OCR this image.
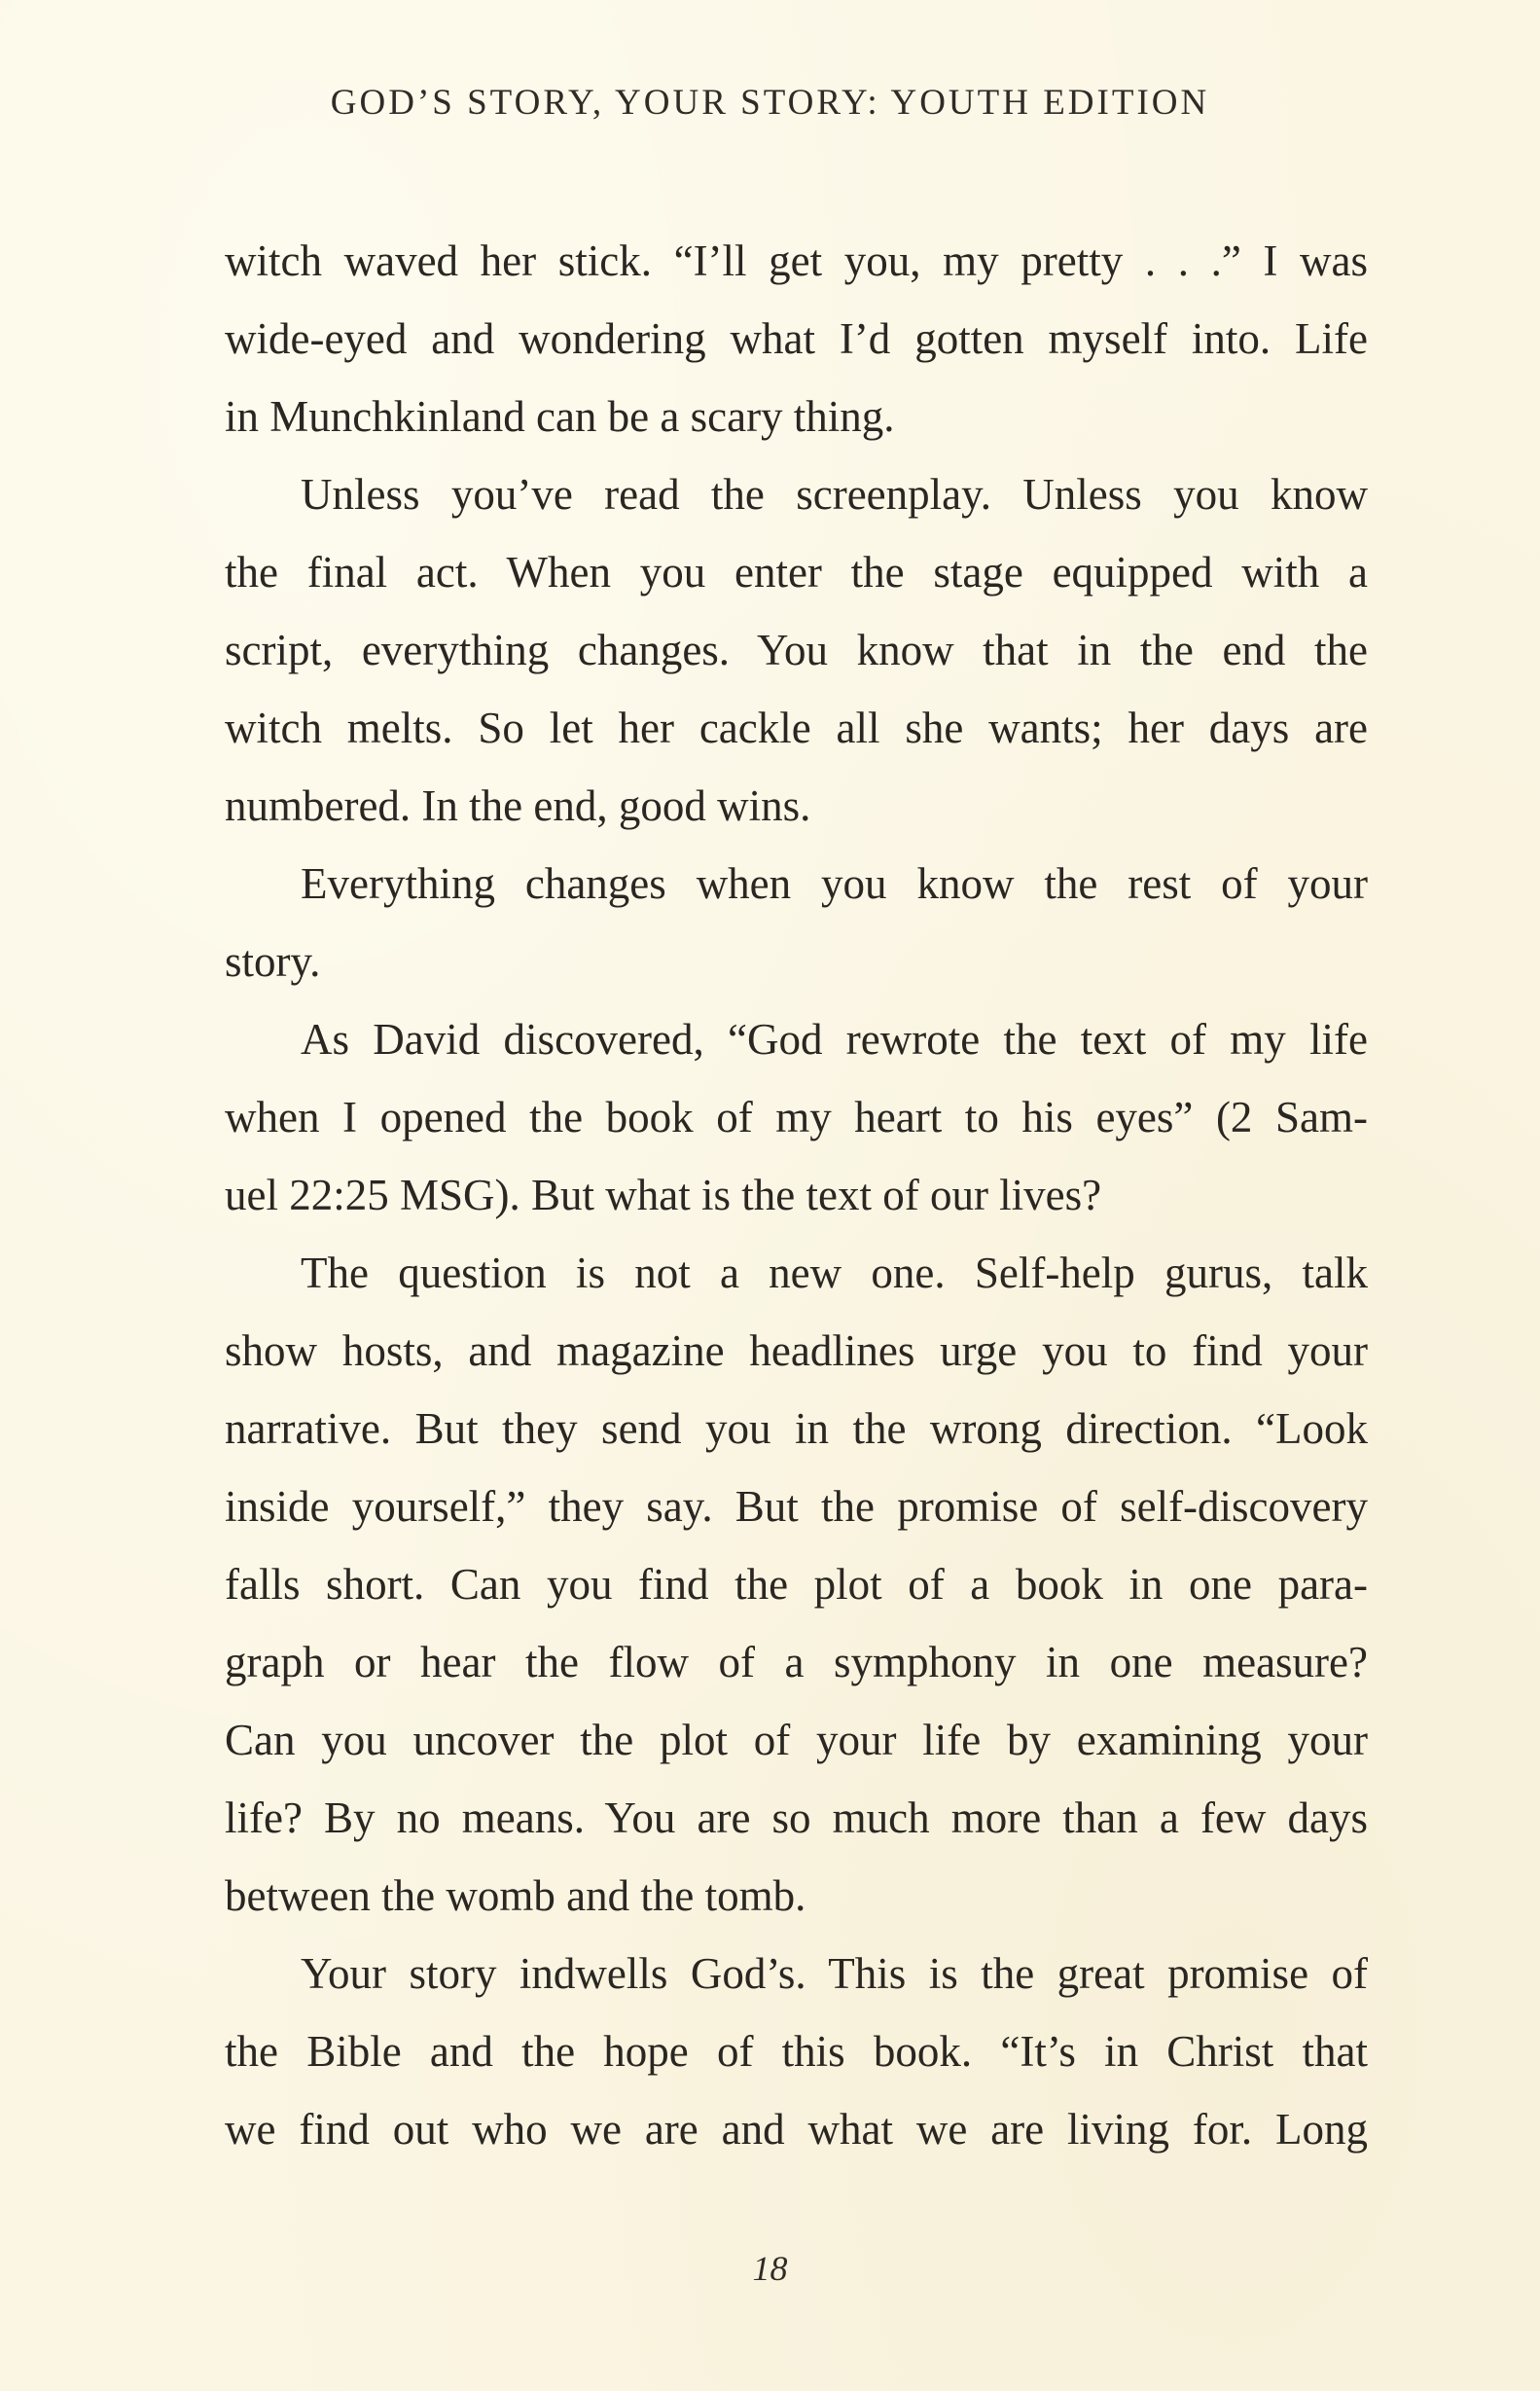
GOD’S STORY, YOUR STORY: YOUTH EDITION
witch waved her stick. “I’ll get you, my pretty . . .” I was
wide-eyed and wondering what I’d gotten myself into. Life
in Munchkinland can be a scary thing.
Unless you’ve read the screenplay. Unless you know
the final act. When you enter the stage equipped with a
script, everything changes. You know that in the end the
witch melts. So let her cackle all she wants; her days are
numbered. In the end, good wins.
Everything changes when you know the rest of your
story.
As David discovered, “God rewrote the text of my life
when I opened the book of my heart to his eyes” (2 Sam-
uel 22:25 MSG). But what is the text of our lives?
The question is not a new one. Self-help gurus, talk
show hosts, and magazine headlines urge you to find your
narrative. But they send you in the wrong direction. “Look
inside yourself,” they say. But the promise of self-discovery
falls short. Can you find the plot of a book in one para-
graph or hear the flow of a symphony in one measure?
Can you uncover the plot of your life by examining your
life? By no means. You are so much more than a few days
between the womb and the tomb.
Your story indwells God’s. This is the great promise of
the Bible and the hope of this book. “It’s in Christ that
we find out who we are and what we are living for. Long
18
